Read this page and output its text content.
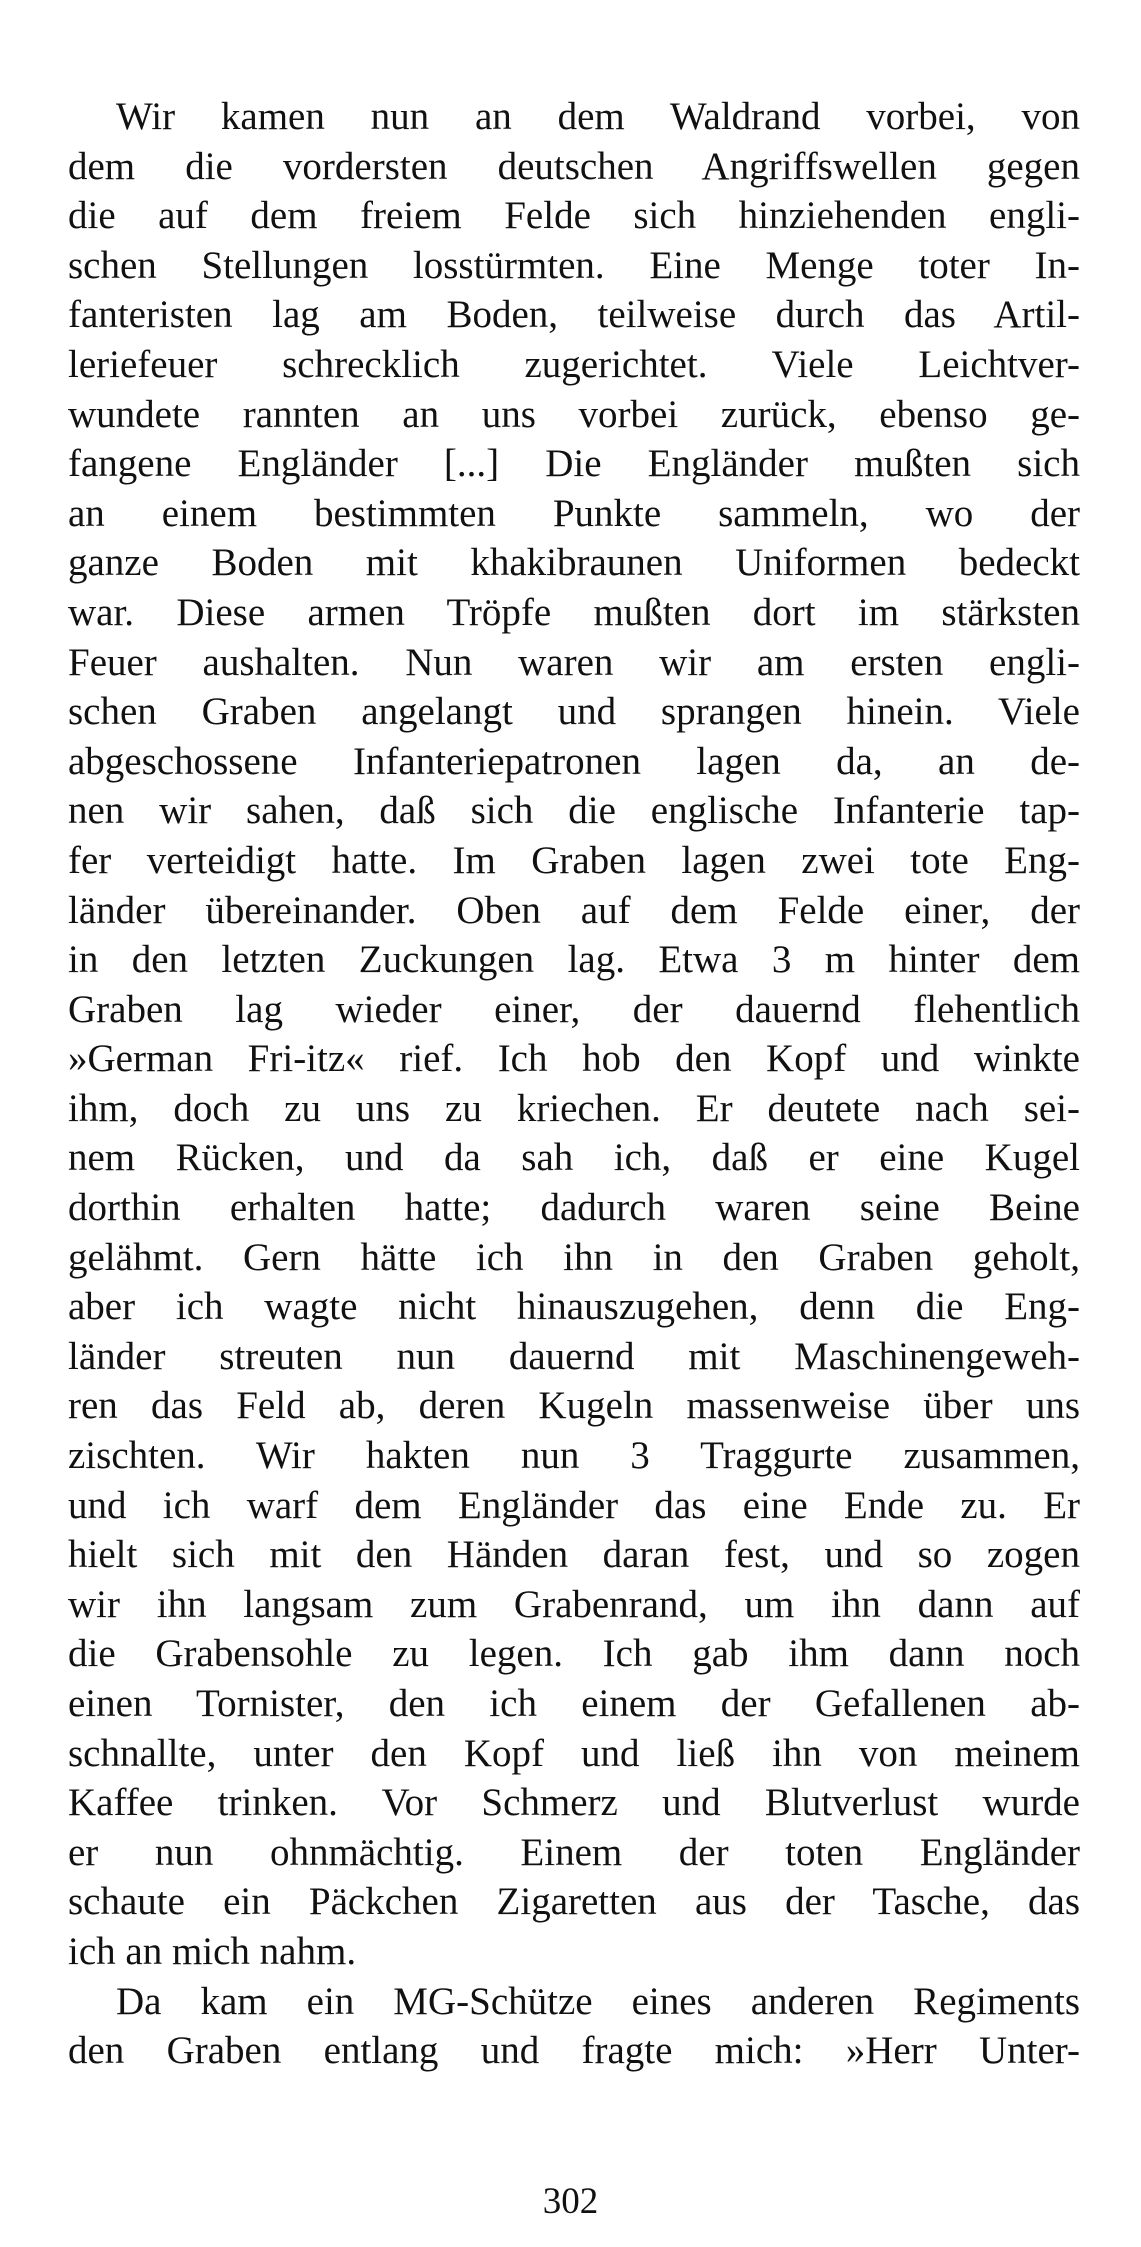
Wir kamen nun an dem Waldrand vorbei, von
dem die vordersten deutschen Angriffswellen gegen
die auf dem freiem Felde sich hinziehenden engli-
schen Stellungen losstürmten. Eine Menge toter In-
fanteristen lag am Boden, teilweise durch das Artil-
leriefeuer schrecklich zugerichtet. Viele Leichtver-
wundete rannten an uns vorbei zurück, ebenso ge-
fangene Engländer [...] Die Engländer mußten sich
an einem bestimmten Punkte sammeln, wo der
ganze Boden mit khakibraunen Uniformen bedeckt
war. Diese armen Tröpfe mußten dort im stärksten
Feuer aushalten. Nun waren wir am ersten engli-
schen Graben angelangt und sprangen hinein. Viele
abgeschossene Infanteriepatronen lagen da, an de-
nen wir sahen, daß sich die englische Infanterie tap-
fer verteidigt hatte. Im Graben lagen zwei tote Eng-
länder übereinander. Oben auf dem Felde einer, der
in den letzten Zuckungen lag. Etwa 3 m hinter dem
Graben lag wieder einer, der dauernd flehentlich
»German Fri-itz« rief. Ich hob den Kopf und winkte
ihm, doch zu uns zu kriechen. Er deutete nach sei-
nem Rücken, und da sah ich, daß er eine Kugel
dorthin erhalten hatte; dadurch waren seine Beine
gelähmt. Gern hätte ich ihn in den Graben geholt,
aber ich wagte nicht hinauszugehen, denn die Eng-
länder streuten nun dauernd mit Maschinengeweh-
ren das Feld ab, deren Kugeln massenweise über uns
zischten. Wir hakten nun 3 Traggurte zusammen,
und ich warf dem Engländer das eine Ende zu. Er
hielt sich mit den Händen daran fest, und so zogen
wir ihn langsam zum Grabenrand, um ihn dann auf
die Grabensohle zu legen. Ich gab ihm dann noch
einen Tornister, den ich einem der Gefallenen ab-
schnallte, unter den Kopf und ließ ihn von meinem
Kaffee trinken. Vor Schmerz und Blutverlust wurde
er nun ohnmächtig. Einem der toten Engländer
schaute ein Päckchen Zigaretten aus der Tasche, das
ich an mich nahm.
Da kam ein MG-Schütze eines anderen Regiments
den Graben entlang und fragte mich: »Herr Unter-
302
